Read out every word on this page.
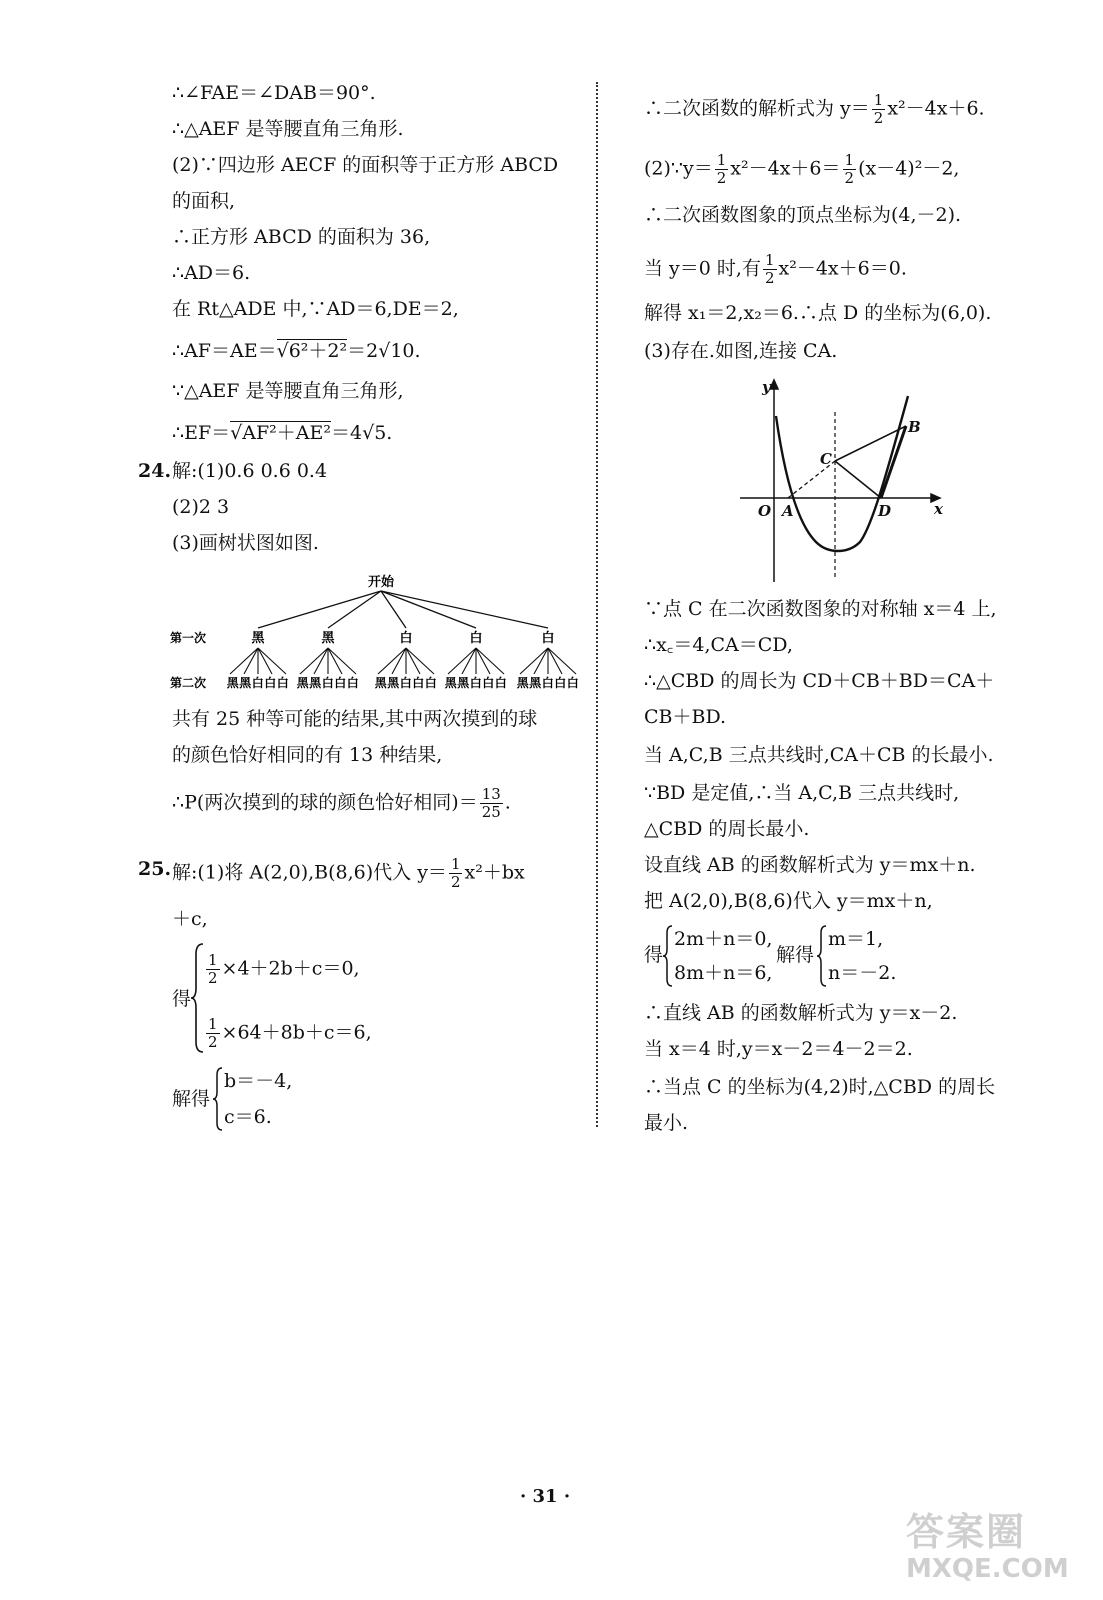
∴∠FAE＝∠DAB＝90°.
∴△AEF 是等腰直角三角形.
(2)∵四边形 AECF 的面积等于正方形 ABCD
的面积,
∴正方形 ABCD 的面积为 36,
∴AD＝6.
在 Rt△ADE 中,∵AD＝6,DE＝2,
∴AF＝AE＝√6²＋2²＝2√10.
∵△AEF 是等腰直角三角形,
∴EF＝√AF²＋AE²＝4√5.
24. 解:(1)0.6 0.6 0.4
(2)2 3
(3)画树状图如图.
开始
第一次	黑	黑	白	白	白
第二次 黑黑白白白 黑黑白白白 黑黑白白白 黑黑白白白 黑黑白白白
共有 25 种等可能的结果,其中两次摸到的球
的颜色恰好相同的有 13 种结果,
∴P(两次摸到的球的颜色恰好相同)＝ $\frac{13}{25}$ .
25. 解:(1)将 A(2,0),B(8,6)代入 $y= \frac{1}{2} x^2+bx$
＋c,
得
$\frac{1}{2} \times 4+2b+c=0$,
$\frac{1}{2} \times 64+8b+c=6$,
解得
b＝－4,
c＝6.
∴二次函数的解析式为 $y= \frac{1}{2} x^2-4x+6$.
(2)∵y＝ $\frac{1}{2} x^2-4x+6= \frac{1}{2} (x-4)^2-2$,
∴二次函数图象的顶点坐标为(4,－2).
当 y＝0 时,有 $\frac{1}{2} x^2-4x+6=0$.
解得 x₁＝2,x₂＝6.∴点 D 的坐标为(6,0).
(3)存在.如图,连接 CA.
y
x
O A	D
C
B
∵点 C 在二次函数图象的对称轴 x＝4 上,
∴x꜀＝4,CA＝CD,
∴△CBD 的周长为 CD＋CB＋BD＝CA＋
CB＋BD.
当 A,C,B 三点共线时,CA＋CB 的长最小.
∵BD 是定值,∴当 A,C,B 三点共线时,
△CBD 的周长最小.
设直线 AB 的函数解析式为 y＝mx＋n.
把 A(2,0),B(8,6)代入 y＝mx＋n,
得
2m＋n＝0,
8m＋n＝6,
解得
m＝1,
n＝－2.
∴直线 AB 的函数解析式为 y＝x－2.
当 x＝4 时,y＝x－2＝4－2＝2.
∴当点 C 的坐标为(4,2)时,△CBD 的周长
最小.
· 31 ·
答案圈
MXQE.COM
